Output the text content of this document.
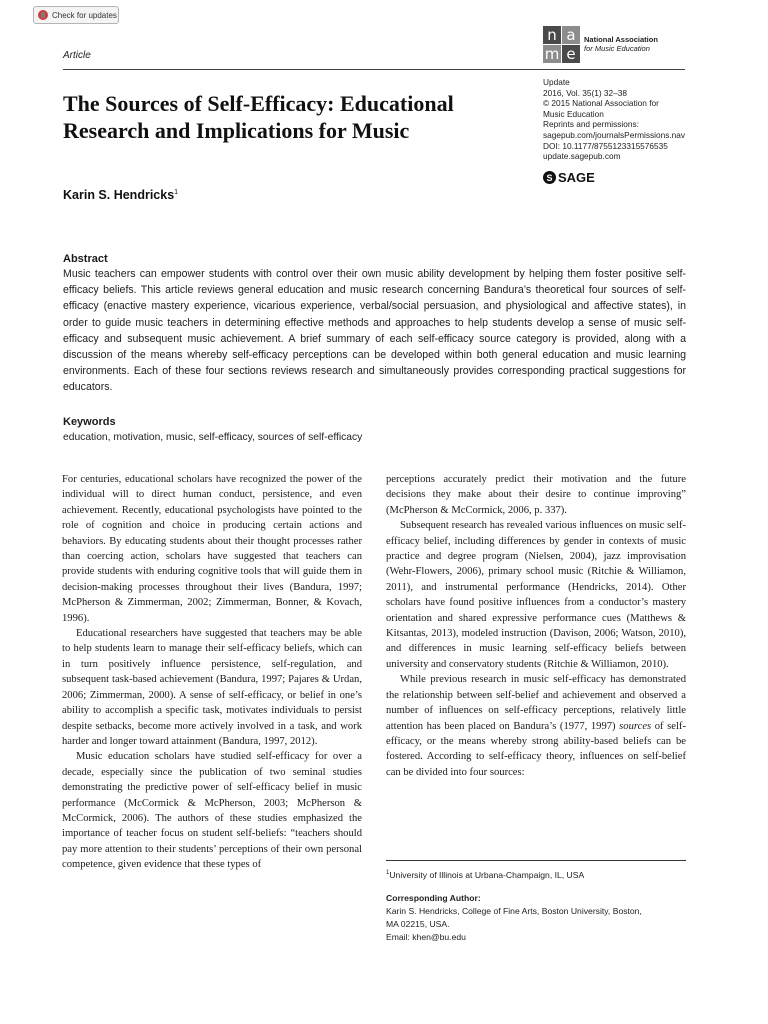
Check for updates
Article
n a
m e
National Association
for Music Education
Update
2016, Vol. 35(1) 32–38
© 2015 National Association for
Music Education
Reprints and permissions:
sagepub.com/journalsPermissions.nav
DOI: 10.1177/8755123315576535
update.sagepub.com
S SAGE
The Sources of Self-Efficacy: Educational Research and Implications for Music
Karin S. Hendricks$^1$
Abstract
Music teachers can empower students with control over their own music ability development by helping them foster positive self-efficacy beliefs. This article reviews general education and music research concerning Bandura’s theoretical four sources of self-efficacy (enactive mastery experience, vicarious experience, verbal/social persuasion, and physiological and affective states), in order to guide music teachers in determining effective methods and approaches to help students develop a sense of music self-efficacy and subsequent music achievement. A brief summary of each self-efficacy source category is provided, along with a discussion of the means whereby self-efficacy perceptions can be developed within both general education and music learning environments. Each of these four sections reviews research and simultaneously provides corresponding practical suggestions for educators.
Keywords
education, motivation, music, self-efficacy, sources of self-efficacy

For centuries, educational scholars have recognized the power of the individual will to direct human conduct, persistence, and even achievement. Recently, educational psychologists have pointed to the role of cognition and choice in producing certain actions and behaviors. By educating students about their thought processes rather than coercing action, scholars have suggested that teachers can provide students with enduring cognitive tools that will guide them in decision-making processes throughout their lives (Bandura, 1997; McPherson & Zimmerman, 2002; Zimmerman, Bonner, & Kovach, 1996).

Educational researchers have suggested that teachers may be able to help students learn to manage their self-efficacy beliefs, which can in turn positively influence persistence, self-regulation, and subsequent task-based achievement (Bandura, 1997; Pajares & Urdan, 2006; Zimmerman, 2000). A sense of self-efficacy, or belief in one’s ability to accomplish a specific task, motivates individuals to persist despite setbacks, become more actively involved in a task, and work harder and longer toward attainment (Bandura, 1997, 2012).

Music education scholars have studied self-efficacy for over a decade, especially since the publication of two seminal studies demonstrating the predictive power of self-efficacy belief in music performance (McCormick & McPherson, 2003; McPherson & McCormick, 2006). The authors of these studies emphasized the importance of teacher focus on student self-beliefs: “teachers should pay more attention to their students’ perceptions of their own personal competence, given evidence that these types of

perceptions accurately predict their motivation and the future decisions they make about their desire to continue improving” (McPherson & McCormick, 2006, p. 337).

Subsequent research has revealed various influences on music self-efficacy belief, including differences by gender in contexts of music practice and degree program (Nielsen, 2004), jazz improvisation (Wehr-Flowers, 2006), primary school music (Ritchie & Williamon, 2011), and instrumental performance (Hendricks, 2014). Other scholars have found positive influences from a conductor’s mastery orientation and shared expressive performance cues (Matthews & Kitsantas, 2013), modeled instruction (Davison, 2006; Watson, 2010), and differences in music learning self-efficacy beliefs between university and conservatory students (Ritchie & Williamon, 2010).

While previous research in music self-efficacy has demonstrated the relationship between self-belief and achievement and observed a number of influences on self-efficacy perceptions, relatively little attention has been placed on Bandura’s (1977, 1997) sources of self-efficacy, or the means whereby strong ability-based beliefs can be fostered. According to self-efficacy theory, influences on self-belief can be divided into four sources:

$^1$University of Illinois at Urbana-Champaign, IL, USA
Corresponding Author:
Karin S. Hendricks, College of Fine Arts, Boston University, Boston,
MA 02215, USA.
Email: khen@bu.edu
